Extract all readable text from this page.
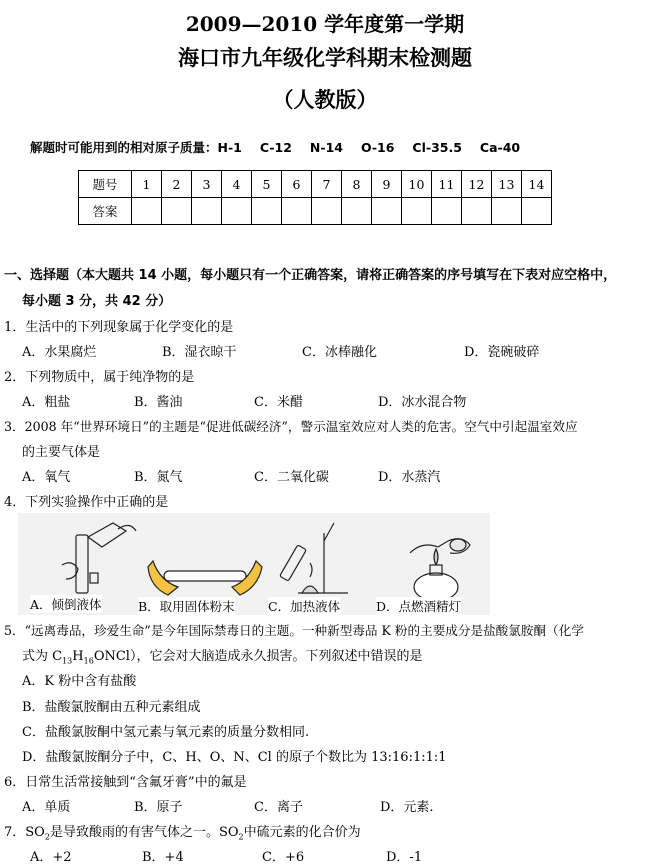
2009—2010 学年度第一学期
海口市九年级化学科期末检测题
（人教版）
解题时可能用到的相对原子质量：H-1 C-12 N-14 O-16 Cl-35.5 Ca-40
题号	1	2	3	4	5	6	7	8	9	10	11	12	13	14
答案														
一、选择题（本大题共 14 小题，每小题只有一个正确答案，请将正确答案的序号填写在下表对应空格中，
每小题 3 分，共 42 分）
1．生活中的下列现象属于化学变化的是
A．水果腐烂	B．湿衣晾干	C．冰棒融化	D．瓷碗破碎
2．下列物质中，属于纯净物的是
A．粗盐	B．酱油	C．米醋	D．冰水混合物
3．2008 年“世界环境日”的主题是“促进低碳经济”，警示温室效应对人类的危害。空气中引起温室效应
的主要气体是
A．氧气	B．氮气	C．二氧化碳	D．水蒸汽
4．下列实验操作中正确的是
A．倾倒液体	B．取用固体粉末	C．加热液体	D．点燃酒精灯
5．“远离毒品，珍爱生命”是今年国际禁毒日的主题。一种新型毒品 K 粉的主要成分是盐酸氯胺酮（化学
式为 $C_{13}H_{16}ONCl$），它会对大脑造成永久损害。下列叙述中错误的是
A．K 粉中含有盐酸
B．盐酸氯胺酮由五种元素组成
C．盐酸氯胺酮中氢元素与氧元素的质量分数相同.
D．盐酸氯胺酮分子中，C、H、O、N、Cl 的原子个数比为 13:16:1:1:1
6．日常生活常接触到“含氟牙膏”中的氟是
A．单质	B．原子	C．离子	D．元素.
7．$SO_2$是导致酸雨的有害气体之一。$SO_2$中硫元素的化合价为
A．+2	B．+4	C．+6	D．-1
